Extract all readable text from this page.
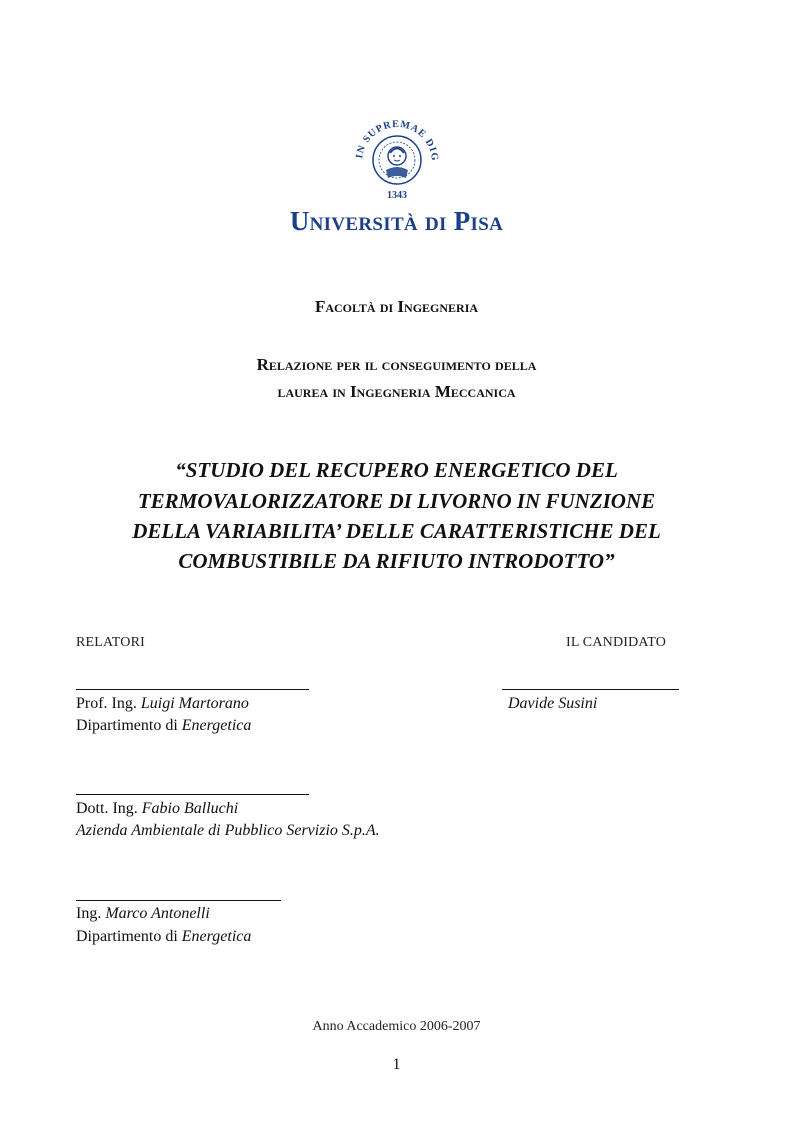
IN SUPREMAE DIG
1343
Università di Pisa
Facoltà di Ingegneria
Relazione per il conseguimento della
laurea in Ingegneria Meccanica
“STUDIO DEL RECUPERO ENERGETICO DEL
TERMOVALORIZZATORE DI LIVORNO IN FUNZIONE
DELLA VARIABILITA’ DELLE CARATTERISTICHE DEL
COMBUSTIBILE DA RIFIUTO INTRODOTTO”
RELATORI	IL CANDIDATO
Prof. Ing. Luigi Martorano
Dipartimento di Energetica
Davide Susini
Dott. Ing. Fabio Balluchi
Azienda Ambientale di Pubblico Servizio S.p.A.
Ing. Marco Antonelli
Dipartimento di Energetica
Anno Accademico 2006-2007
1
